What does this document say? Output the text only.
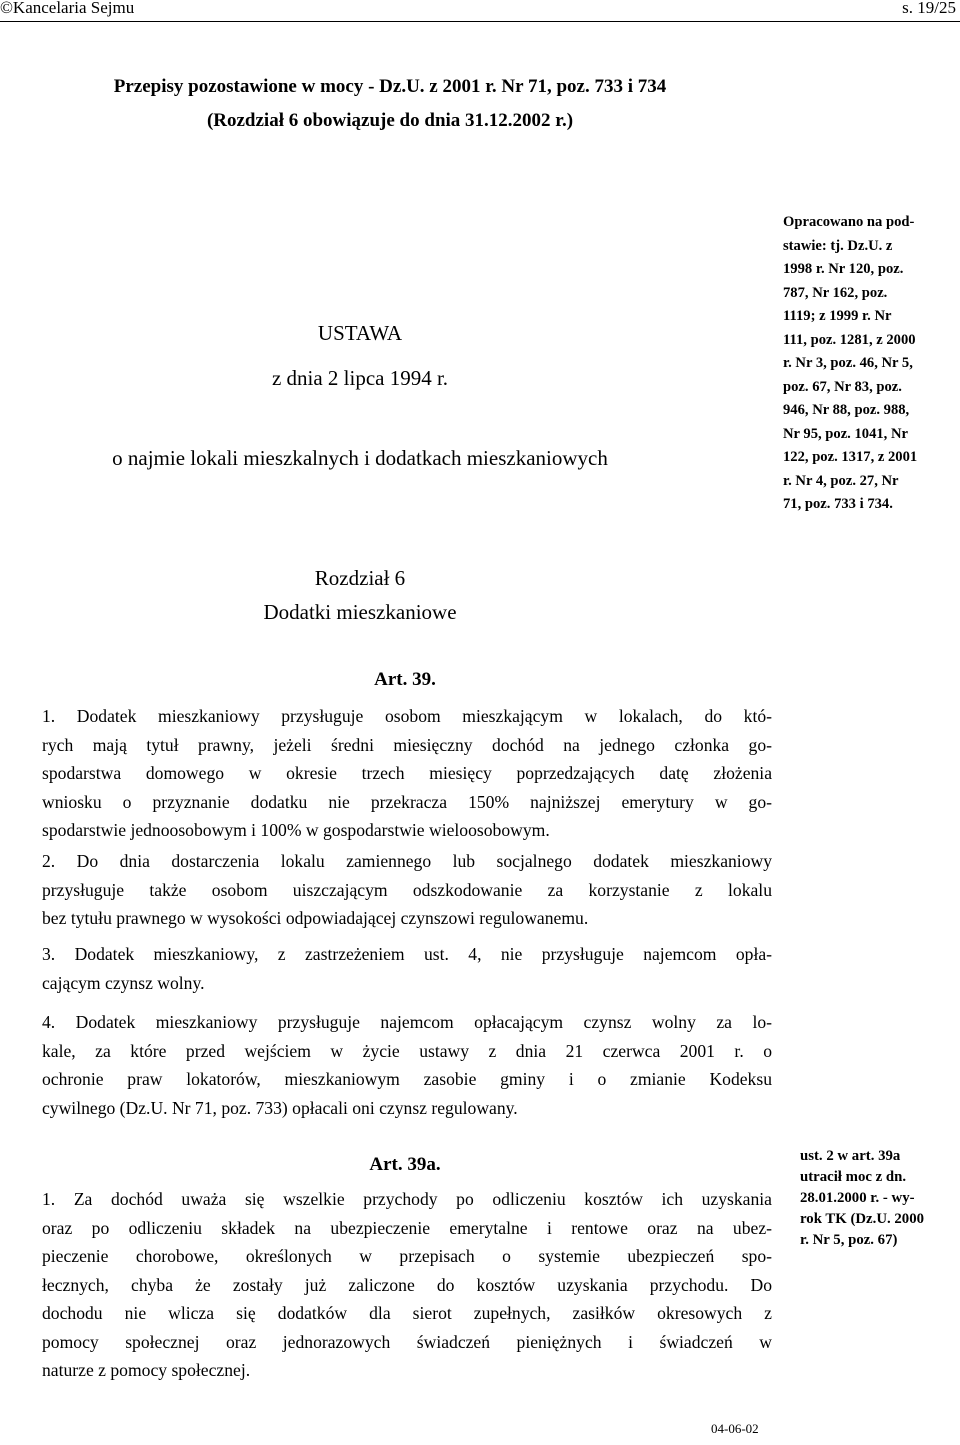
©Kancelaria Sejmu	s. 19/25
Przepisy pozostawione w mocy - Dz.U. z 2001 r. Nr 71, poz. 733 i 734
(Rozdział 6 obowiązuje do dnia 31.12.2002 r.)
USTAWA
z dnia 2 lipca 1994 r.
o najmie lokali mieszkalnych i dodatkach mieszkaniowych
Opracowano na pod-
stawie: tj. Dz.U. z
1998 r. Nr 120, poz.
787, Nr 162, poz.
1119; z 1999 r. Nr
111, poz. 1281, z 2000
r. Nr 3, poz. 46, Nr 5,
poz. 67, Nr 83, poz.
946, Nr 88, poz. 988,
Nr 95, poz. 1041, Nr
122, poz. 1317, z 2001
r. Nr 4, poz. 27, Nr
71, poz. 733 i 734.
Rozdział 6
Dodatki mieszkaniowe
Art. 39.
1. Dodatek mieszkaniowy przysługuje osobom mieszkającym w lokalach, do któ-
rych mają tytuł prawny, jeżeli średni miesięczny dochód na jednego członka go-
spodarstwa domowego w okresie trzech miesięcy poprzedzających datę złożenia
wniosku o przyznanie dodatku nie przekracza 150% najniższej emerytury w go-
spodarstwie jednoosobowym i 100% w gospodarstwie wieloosobowym.
2. Do dnia dostarczenia lokalu zamiennego lub socjalnego dodatek mieszkaniowy
przysługuje także osobom uiszczającym odszkodowanie za korzystanie z lokalu
bez tytułu prawnego w wysokości odpowiadającej czynszowi regulowanemu.
3. Dodatek mieszkaniowy, z zastrzeżeniem ust. 4, nie przysługuje najemcom opła-
cającym czynsz wolny.
4. Dodatek mieszkaniowy przysługuje najemcom opłacającym czynsz wolny za lo-
kale, za które przed wejściem w życie ustawy z dnia 21 czerwca 2001 r. o
ochronie praw lokatorów, mieszkaniowym zasobie gminy i o zmianie Kodeksu
cywilnego (Dz.U. Nr 71, poz. 733) opłacali oni czynsz regulowany.
Art. 39a.
1. Za dochód uważa się wszelkie przychody po odliczeniu kosztów ich uzyskania
oraz po odliczeniu składek na ubezpieczenie emerytalne i rentowe oraz na ubez-
pieczenie chorobowe, określonych w przepisach o systemie ubezpieczeń spo-
łecznych, chyba że zostały już zaliczone do kosztów uzyskania przychodu. Do
dochodu nie wlicza się dodatków dla sierot zupełnych, zasiłków okresowych z
pomocy społecznej oraz jednorazowych świadczeń pieniężnych i świadczeń w
naturze z pomocy społecznej.
ust. 2 w art. 39a
utracił moc z dn.
28.01.2000 r. - wy-
rok TK (Dz.U. 2000
r. Nr 5, poz. 67)
04-06-02
